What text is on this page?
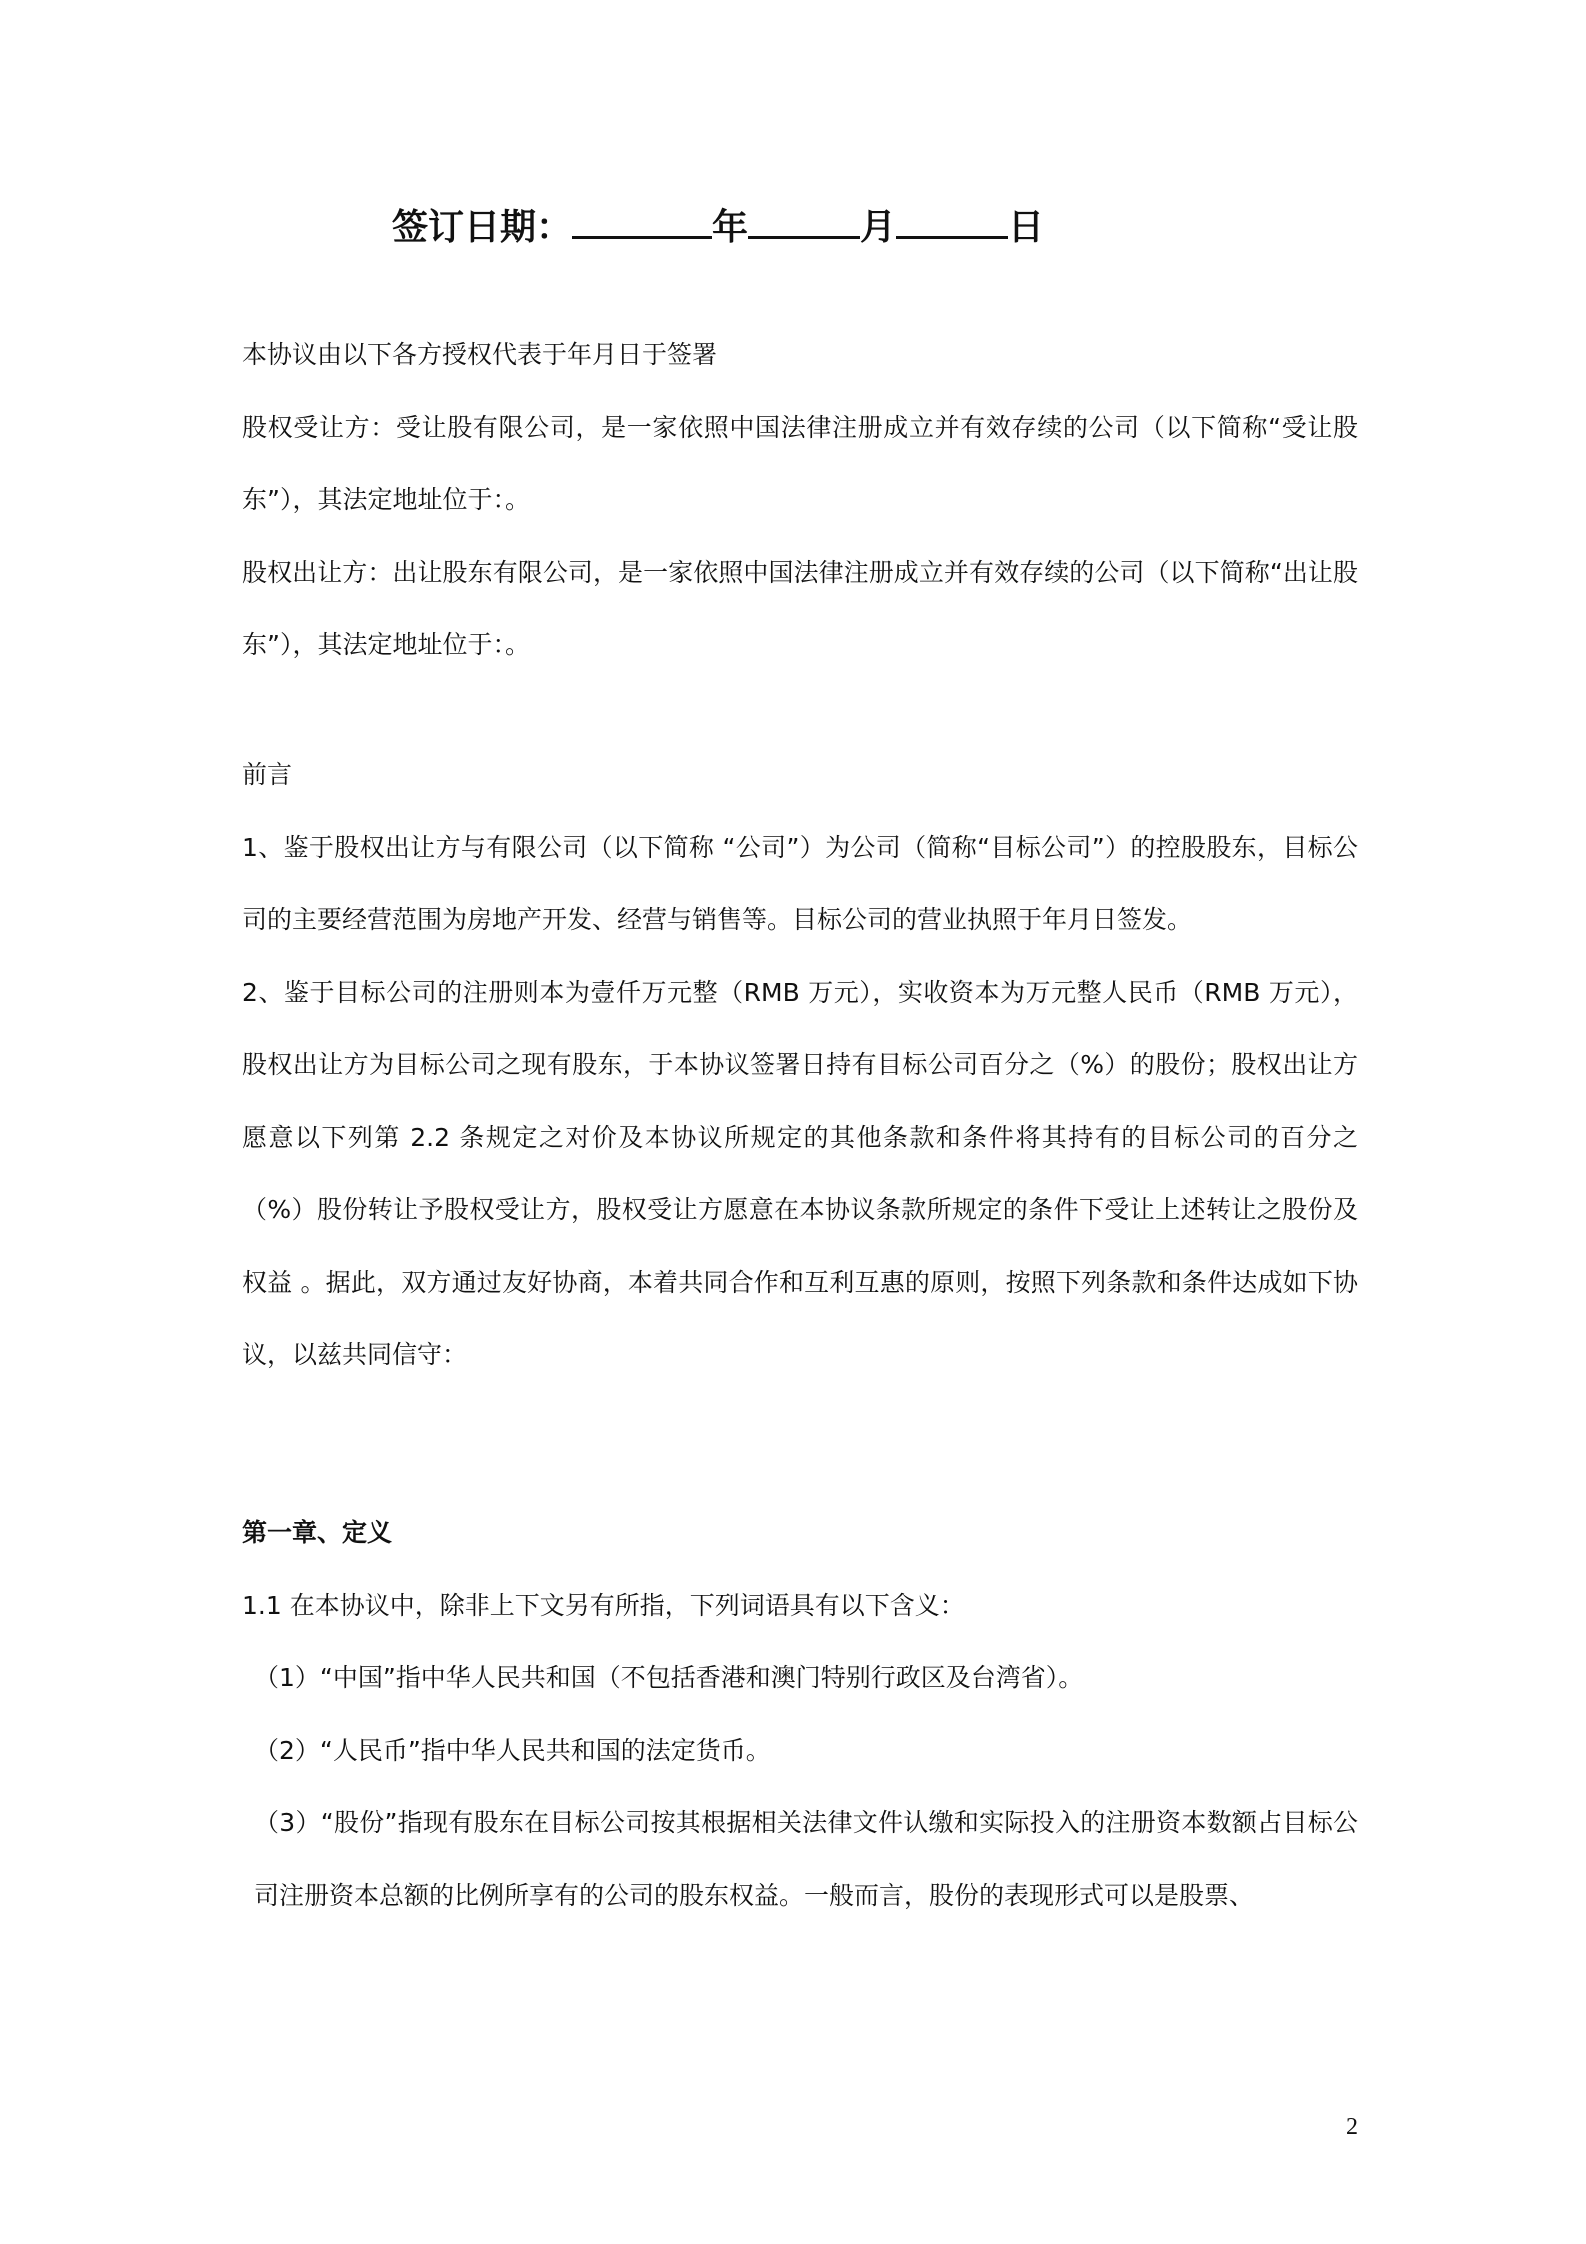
签订日期：	年	月	日

本协议由以下各方授权代表于年月日于签署

股权受让方：受让股有限公司，是一家依照中国法律注册成立并有效存续的公司（以下简称“受让股东”），其法定地址位于：。

股权出让方：出让股东有限公司，是一家依照中国法律注册成立并有效存续的公司（以下简称“出让股东”），其法定地址位于：。

前言

1、鉴于股权出让方与有限公司（以下简称 “公司”）为公司（简称“目标公司”）的控股股东，目标公司的主要经营范围为房地产开发、经营与销售等。目标公司的营业执照于年月日签发。

2、鉴于目标公司的注册则本为壹仟万元整（RMB 万元），实收资本为万元整人民币（RMB 万元），股权出让方为目标公司之现有股东，于本协议签署日持有目标公司百分之（%）的股份；股权出让方愿意以下列第 2.2 条规定之对价及本协议所规定的其他条款和条件将其持有的目标公司的百分之（%）股份转让予股权受让方，股权受让方愿意在本协议条款所规定的条件下受让上述转让之股份及权益 。据此，双方通过友好协商，本着共同合作和互利互惠的原则，按照下列条款和条件达成如下协议，以兹共同信守：

第一章、定义

1.1 在本协议中，除非上下文另有所指，下列词语具有以下含义：

（1）“中国”指中华人民共和国（不包括香港和澳门特别行政区及台湾省）。

（2）“人民币”指中华人民共和国的法定货币。

（3）“股份”指现有股东在目标公司按其根据相关法律文件认缴和实际投入的注册资本数额占目标公司注册资本总额的比例所享有的公司的股东权益。一般而言，股份的表现形式可以是股票、

2
